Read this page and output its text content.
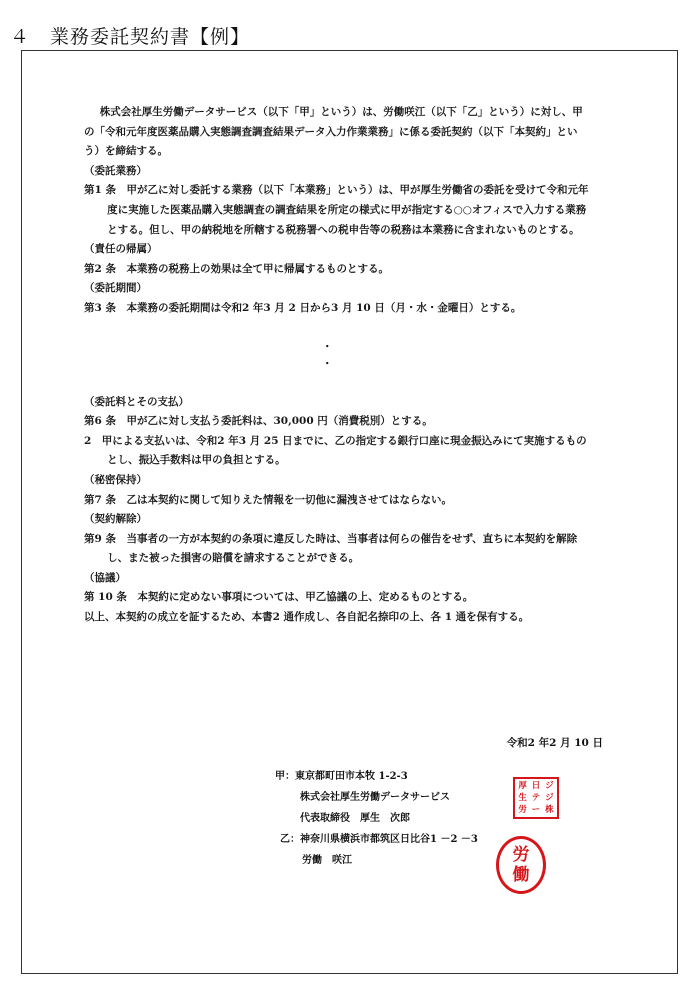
４　業務委託契約書【例】

株式会社厚生労働データサービス（以下「甲」という）は、労働咲江（以下「乙」という）に対し、甲の「令和元年度医薬品購入実態調査調査結果データ入力作業業務」に係る委託契約（以下「本契約」という）を締結する。

（委託業務）

第1 条　甲が乙に対し委託する業務（以下「本業務」という）は、甲が厚生労働省の委託を受けて令和元年度に実施した医薬品購入実態調査の調査結果を所定の様式に甲が指定する○○オフィスで入力する業務とする。但し、甲の納税地を所轄する税務署への税申告等の税務は本業務に含まれないものとする。

（責任の帰属）

第2 条　本業務の税務上の効果は全て甲に帰属するものとする。

（委託期間）

第3 条　本業務の委託期間は令和2 年3 月 2 日から3 月 10 日（月・水・金曜日）とする。

・

・

（委託料とその支払）

第6 条　甲が乙に対し支払う委託料は、30,000 円（消費税別）とする。

2　甲による支払いは、令和2 年3 月 25 日までに、乙の指定する銀行口座に現金振込みにて実施するものとし、振込手数料は甲の負担とする。

（秘密保持）

第7 条　乙は本契約に関して知りえた情報を一切他に漏洩させてはならない。

（契約解除）

第9 条　当事者の一方が本契約の条項に違反した時は、当事者は何らの催告をせず、直ちに本契約を解除し、また被った損害の賠償を請求することができる。

（協議）

第 10 条　本契約に定めない事項については、甲乙協議の上、定めるものとする。

以上、本契約の成立を証するため、本書2 通作成し、各自記名捺印の上、各 1 通を保有する。

令和2 年2 月 10 日
甲：東京都町田市本牧 1-2-3
株式会社厚生労働データサービス
代表取締役　厚生　次郎
乙：神奈川県横浜市都筑区日比谷1 －2 －3
労働　咲江
厚 日 ジ
生 テ ジ
労 ー 株
労
働
